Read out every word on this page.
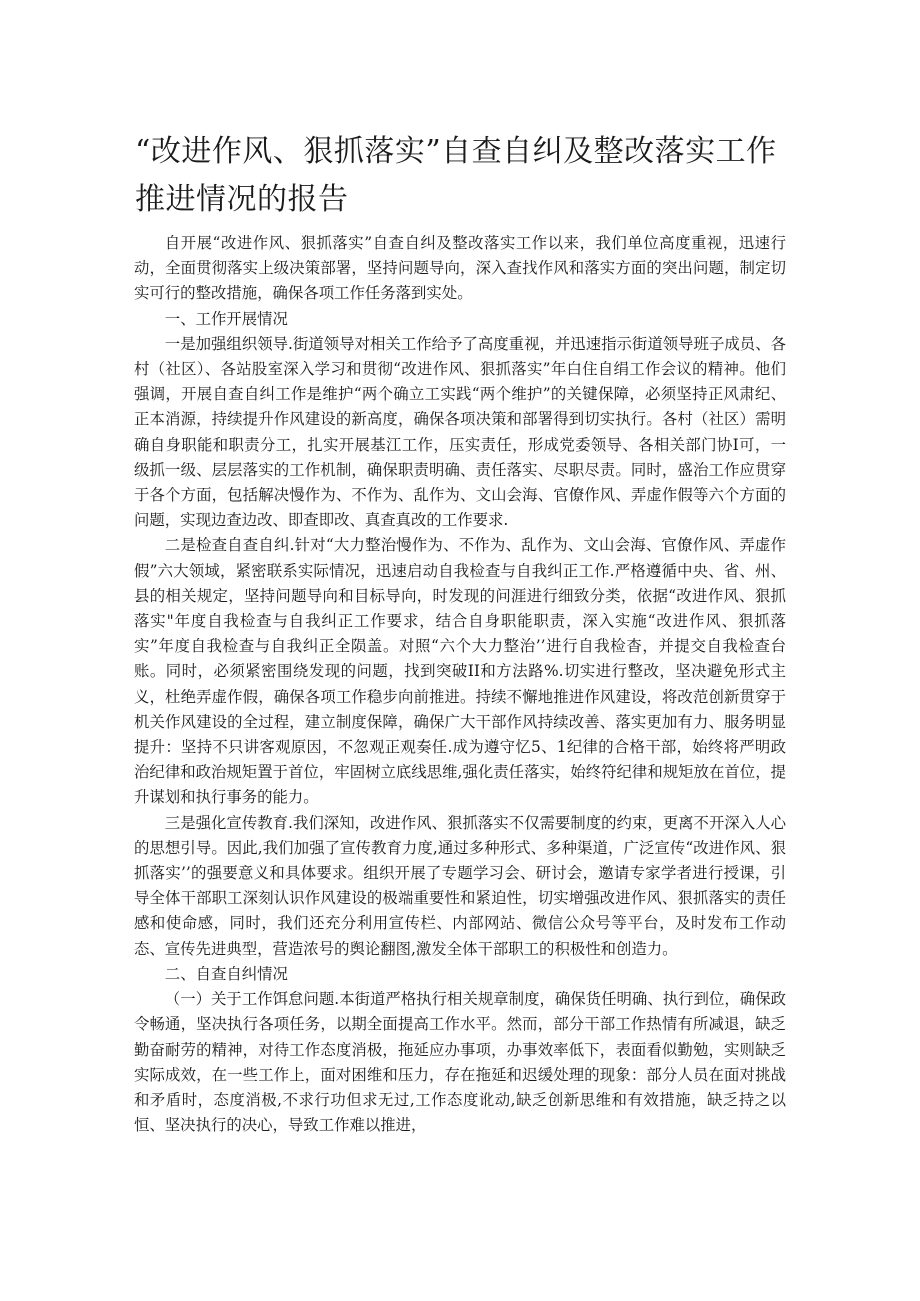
“改进作风、狠抓落实”自查自纠及整改落实工作推进情况的报告

自开展“改进作风、狠抓落实”自查自纠及整改落实工作以来，我们单位高度重视，迅速行动，全面贯彻落实上级决策部署，坚持问题导向，深入查找作风和落实方面的突出问题，制定切实可行的整改措施，确保各项工作任务落到实处。

一、工作开展情况

一是加强组织领导.街道领导对相关工作给予了高度重视，并迅速指示街道领导班子成员、各村（社区）、各站股室深入学习和贯彻“改进作风、狠抓落实”年白住自绢工作会议的精神。他们强调，开展自查自纠工作是维护“两个确立工实践“两个维护”的关键保障，必须坚持正风肃纪、正本消源，持续提升作风建设的新高度，确保各项决策和部署得到切实执行。各村（社区）需明确自身职能和职责分工，扎实开展基江工作，压实责任，形成党委领导、各相关部门协I可，一级抓一级、层层落实的工作机制，确保职责明确、责任落实、尽职尽责。同时，盛治工作应贯穿于各个方面，包括解决慢作为、不作为、乱作为、文山会海、官僚作风、弄虚作假等六个方面的问题，实现边查边改、即查即改、真查真改的工作要求.

二是检查自查自纠.针对“大力整治慢作为、不作为、乱作为、文山会海、官僚作风、弄虚作假”六大领域，紧密联系实际情况，迅速启动自我检查与自我纠正工作.严格遵循中央、省、州、县的相关规定，坚持问题导向和目标导向，时发现的问涯进行细致分类，依据“改进作风、狠抓落实"年度自我检查与自我纠正工作要求，结合自身职能职责，深入实施“改进作风、狠抓落实”年度自我检查与自我纠正全陨盖。对照“六个大力整治’’进行自我检杳，并提交自我检查台账。同时，必须紧密围绕发现的问题，找到突破II和方法路%.切实进行整改，坚决避免形式主义，杜绝弄虚作假，确保各项工作稳步向前推进。持续不懈地推进作风建设，将改范创新贯穿于机关作风建设的全过程，建立制度保障，确保广大干部作风持续改善、落实更加有力、服务明显提升：坚持不只讲客观原因，不忽观正观奏任.成为遵守忆5、1纪律的合格干部，始终将严明政治纪律和政治规矩置于首位，牢固树立底线思维,强化责任落实，始终符纪律和规矩放在首位，提升谋划和执行事务的能力。

三是强化宣传教育.我们深知，改进作风、狠抓落实不仅需要制度的约束，更离不开深入人心的思想引导。因此,我们加强了宣传教育力度,通过多种形式、多种渠道，广泛宣传“改进作风、狠抓落实’’的强要意义和具体要求。组织开展了专题学习会、研讨会，邀请专家学者进行授课，引导全体干部职工深刻认识作风建设的极端重要性和紧迫性，切实增强改进作风、狠抓落实的责任感和使命感，同时，我们还充分利用宣传栏、内部网站、微信公众号等平台，及时发布工作动态、宣传先进典型，营造浓号的舆论翻图,激发全体干部职工的积极性和创造力。

二、自查自纠情况

（一）关于工作饵怠问题.本街道严格执行相关规章制度，确保货任明确、执行到位，确保政令畅通，坚决执行各项任务，以期全面提高工作水平。然而，部分干部工作热情有所减退，缺乏勤奋耐劳的精神，对待工作态度消极，拖延应办事项，办事效率低下，表面看似勤勉，实则缺乏实际成效，在一些工作上，面对困维和压力，存在拖延和迟缓处理的现象：部分人员在面对挑战和矛盾时，态度消极,不求行功但求无过,工作态度讹动,缺乏创新思维和有效措施，缺乏持之以恒、坚决执行的决心，导致工作难以推进，
